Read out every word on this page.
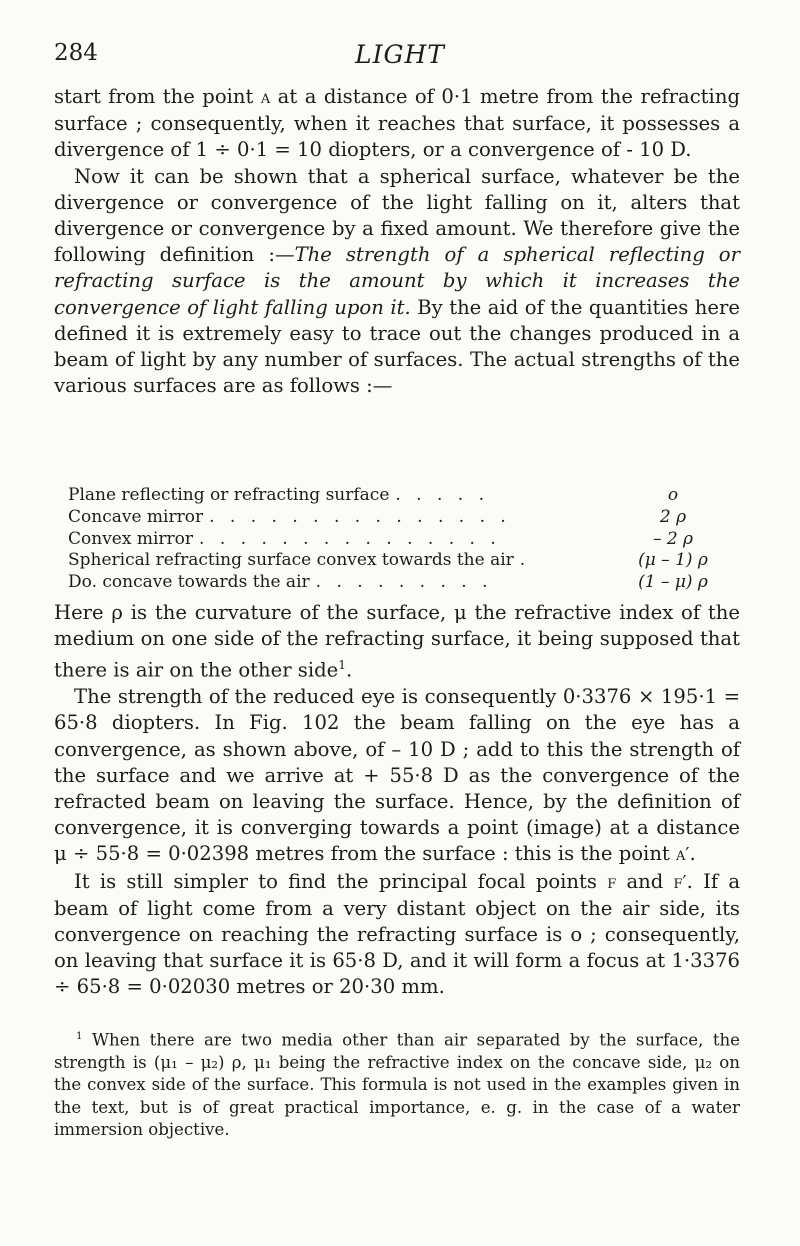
284	LIGHT

start from the point a at a distance of 0·1 metre from the refracting surface ; consequently, when it reaches that surface, it possesses a divergence of 1 ÷ 0·1 = 10 diopters, or a convergence of - 10 D.

Now it can be shown that a spherical surface, whatever be the divergence or convergence of the light falling on it, alters that divergence or convergence by a fixed amount. We therefore give the following definition :—The strength of a spherical reflecting or refracting surface is the amount by which it increases the convergence of light falling upon it. By the aid of the quantities here defined it is extremely easy to trace out the changes produced in a beam of light by any number of surfaces. The actual strengths of the various surfaces are as follows :—

Plane reflecting or refracting surface . . . . .	o
Concave mirror . . . . . . . . . . . . . . .	2 ρ
Convex mirror . . . . . . . . . . . . . . .	– 2 ρ
Spherical refracting surface convex towards the air .	(μ – 1) ρ
Do. concave towards the air . . . . . . . . .	(1 – μ) ρ

Here ρ is the curvature of the surface, μ the refractive index of the medium on one side of the refracting surface, it being supposed that there is air on the other side$^1$.

The strength of the reduced eye is consequently 0·3376 × 195·1 = 65·8 diopters. In Fig. 102 the beam falling on the eye has a convergence, as shown above, of – 10 D ; add to this the strength of the surface and we arrive at + 55·8 D as the convergence of the refracted beam on leaving the surface. Hence, by the definition of convergence, it is converging towards a point (image) at a distance μ ÷ 55·8 = 0·02398 metres from the surface : this is the point a′.

It is still simpler to find the principal focal points f and f′. If a beam of light come from a very distant object on the air side, its convergence on reaching the refracting surface is o ; consequently, on leaving that surface it is 65·8 D, and it will form a focus at 1·3376 ÷ 65·8 = 0·02030 metres or 20·30 mm.

$^1$ When there are two media other than air separated by the surface, the strength is (μ₁ – μ₂) ρ, μ₁ being the refractive index on the concave side, μ₂ on the convex side of the surface. This formula is not used in the examples given in the text, but is of great practical importance, e. g. in the case of a water immersion objective.
